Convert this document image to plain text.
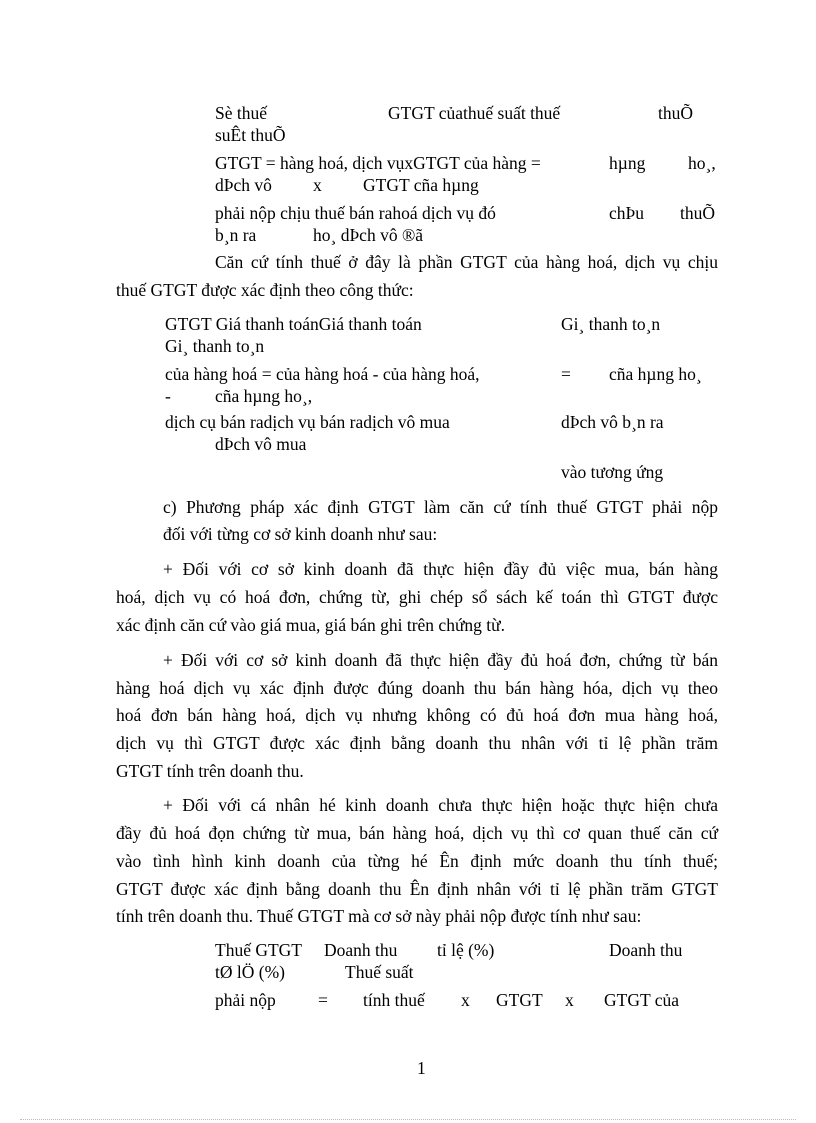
Sè thuế	GTGT củathuế suất thuế	thuÕ
suÊt thuÕ
GTGT = hàng hoá, dịch vụxGTGT của hàng =	hµng ho¸,
dÞch vô x GTGT cña hµng
phải nộp chịu thuế bán rahoá dịch vụ đó	chÞu thuÕ
b¸n ra	ho¸ dÞch vô ®ã
Căn cứ tính thuế ở đây là phần GTGT của hàng hoá, dịch vụ chịu
thuế GTGT được xác định theo công thức:
GTGT Giá thanh toánGiá thanh toán	Gi¸ thanh to¸n
Gi¸ thanh to¸n
của hàng hoá = của hàng hoá - của hàng hoá,	= cña hµng ho¸
-	cña hµng ho¸,
dịch cụ bán radịch vụ bán radịch vô mua	dÞch vô b¸n ra
dÞch vô mua
vào tương ứng
c) Phương pháp xác định GTGT làm căn cứ tính thuế GTGT phải nộp
đối với từng cơ sở kinh doanh như sau:
+ Đối với cơ sở kinh doanh đã thực hiện đầy đủ việc mua, bán hàng
hoá, dịch vụ có hoá đơn, chứng từ, ghi chép sổ sách kế toán thì GTGT được
xác định căn cứ vào giá mua, giá bán ghi trên chứng từ.
+ Đối với cơ sở kinh doanh đã thực hiện đầy đủ hoá đơn, chứng từ bán
hàng hoá dịch vụ xác định được đúng doanh thu bán hàng hóa, dịch vụ theo
hoá đơn bán hàng hoá, dịch vụ nhưng không có đủ hoá đơn mua hàng hoá,
dịch vụ thì GTGT được xác định bằng doanh thu nhân với tỉ lệ phần trăm
GTGT tính trên doanh thu.
+ Đối với cá nhân hé kinh doanh chưa thực hiện hoặc thực hiện chưa
đầy đủ hoá đọn chứng từ mua, bán hàng hoá, dịch vụ thì cơ quan thuế căn cứ
vào tình hình kinh doanh của từng hé Ên định mức doanh thu tính thuế;
GTGT được xác định bằng doanh thu Ên định nhân với tỉ lệ phần trăm GTGT
tính trên doanh thu. Thuế GTGT mà cơ sở này phải nộp được tính như sau:
Thuế GTGT Doanh thu tỉ lệ (%)	Doanh thu
tØ lÖ (%)	Thuế suất
phải nộp = tính thuế x GTGT x GTGT của
1
